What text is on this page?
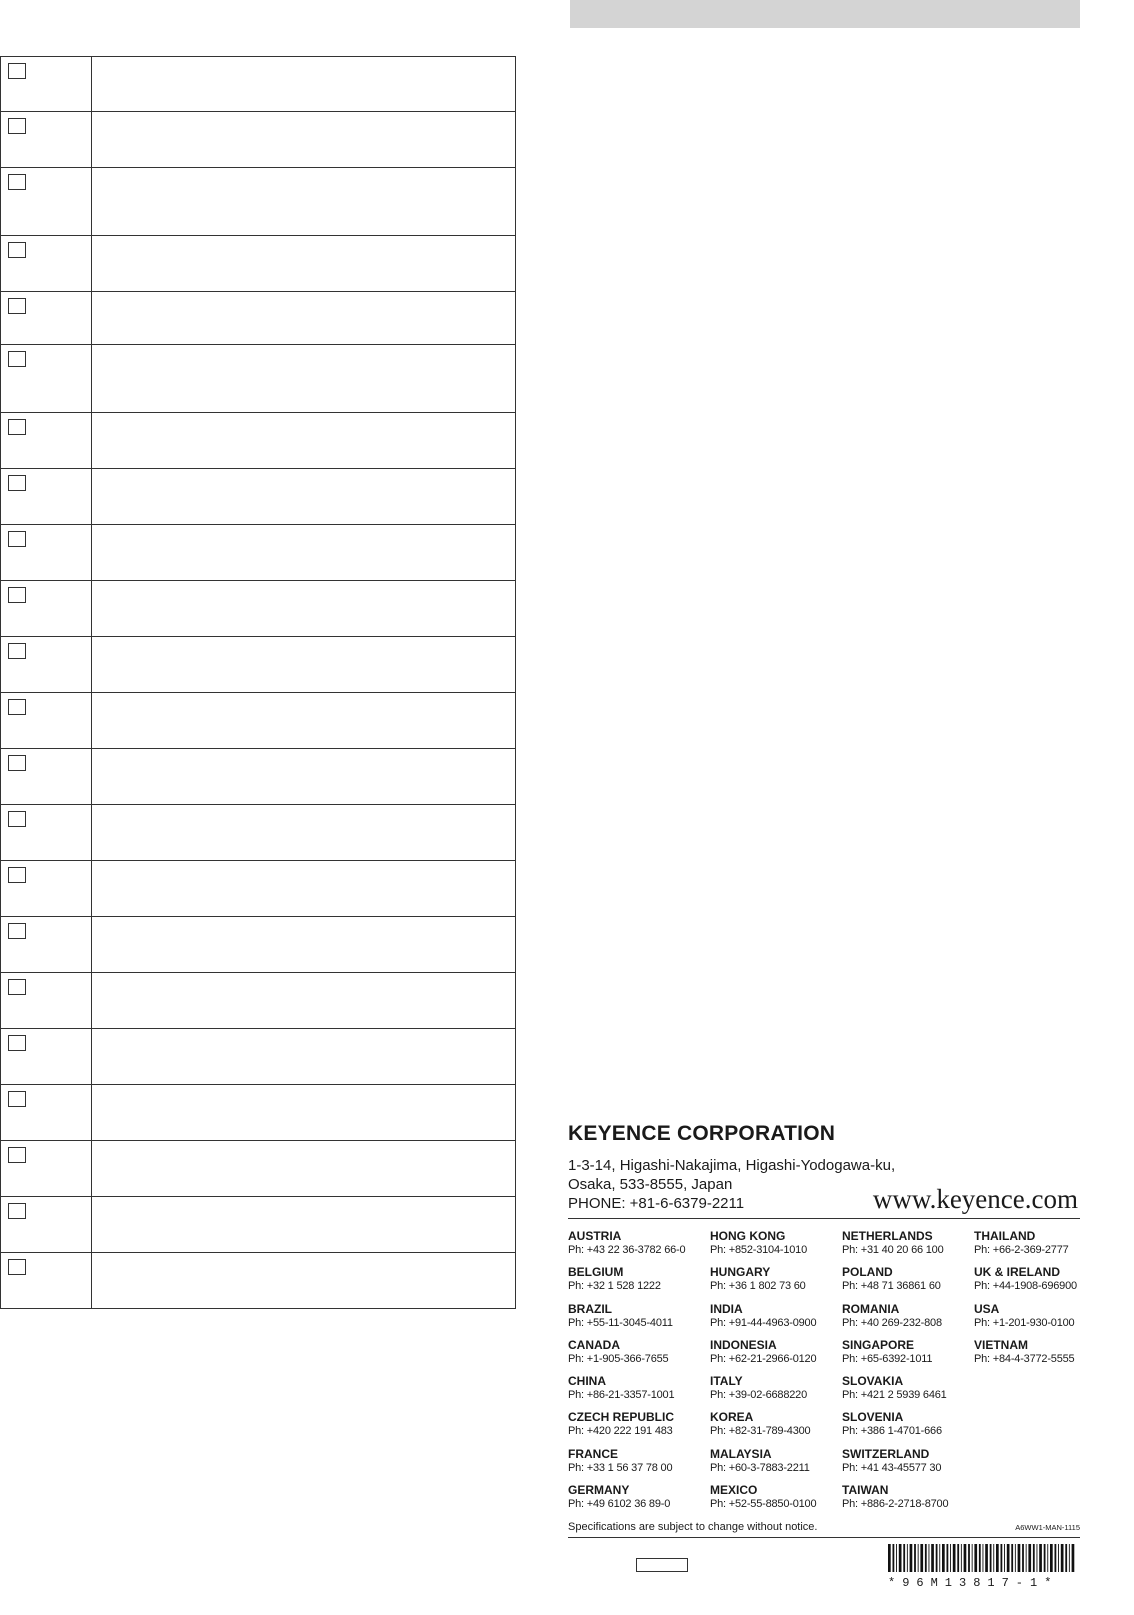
KEYENCE CORPORATION
1-3-14, Higashi-Nakajima, Higashi-Yodogawa-ku,
Osaka, 533-8555, Japan
PHONE: +81-6-6379-2211	www.keyence.com
AUSTRIA
Ph: +43 22 36-3782 66-0
BELGIUM
Ph: +32 1 528 1222
BRAZIL
Ph: +55-11-3045-4011
CANADA
Ph: +1-905-366-7655
CHINA
Ph: +86-21-3357-1001
CZECH REPUBLIC
Ph: +420 222 191 483
FRANCE
Ph: +33 1 56 37 78 00
GERMANY
Ph: +49 6102 36 89-0
HONG KONG
Ph: +852-3104-1010
HUNGARY
Ph: +36 1 802 73 60
INDIA
Ph: +91-44-4963-0900
INDONESIA
Ph: +62-21-2966-0120
ITALY
Ph: +39-02-6688220
KOREA
Ph: +82-31-789-4300
MALAYSIA
Ph: +60-3-7883-2211
MEXICO
Ph: +52-55-8850-0100
NETHERLANDS
Ph: +31 40 20 66 100
POLAND
Ph: +48 71 36861 60
ROMANIA
Ph: +40 269-232-808
SINGAPORE
Ph: +65-6392-1011
SLOVAKIA
Ph: +421 2 5939 6461
SLOVENIA
Ph: +386 1-4701-666
SWITZERLAND
Ph: +41 43-45577 30
TAIWAN
Ph: +886-2-2718-8700
THAILAND
Ph: +66-2-369-2777
UK & IRELAND
Ph: +44-1908-696900
USA
Ph: +1-201-930-0100
VIETNAM
Ph: +84-4-3772-5555
Specifications are subject to change without notice.	A6WW1-MAN-1115
*96M13817-1*
